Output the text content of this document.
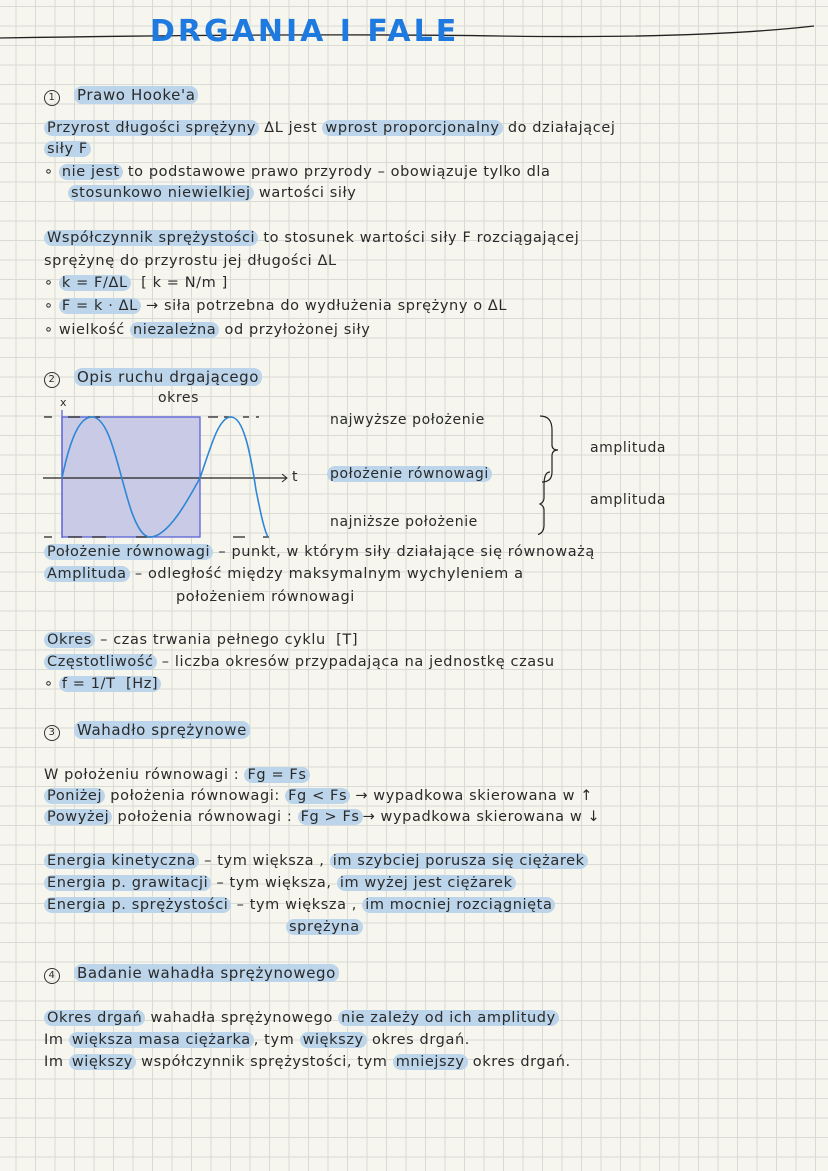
DRGANIA I FALE
1 Prawo Hooke'a
Przyrost długości sprężyny ΔL jest wprost proporcjonalny do działającej
siły F
∘ nie jest to podstawowe prawo przyrody – obowiązuje tylko dla
stosunkowo niewielkiej wartości siły
Współczynnik sprężystości to stosunek wartości siły F rozciągającej
sprężynę do przyrostu jej długości ΔL
∘ k = F/ΔL  [ k = N/m ]
∘ F = k · ΔL → siła potrzebna do wydłużenia sprężyny o ΔL
∘ wielkość niezależna od przyłożonej siły
2 Opis ruchu drgającego
Położenie równowagi – punkt, w którym siły działające się równoważą
Amplituda – odległość między maksymalnym wychyleniem a
położeniem równowagi
Okres – czas trwania pełnego cyklu  [T]
Częstotliwość – liczba okresów przypadająca na jednostkę czasu
∘ f = 1/T  [Hz]
3 Wahadło sprężynowe
W położeniu równowagi : Fg = Fs
Poniżej położenia równowagi: Fg < Fs → wypadkowa skierowana w ↑
Powyżej położenia równowagi : Fg > Fs → wypadkowa skierowana w ↓
Energia kinetyczna – tym większa , im szybciej porusza się ciężarek
Energia p. grawitacji – tym większa, im wyżej jest ciężarek
Energia p. sprężystości – tym większa , im mocniej rozciągnięta
sprężyna
4 Badanie wahadła sprężynowego
Okres drgań wahadła sprężynowego nie zależy od ich amplitudy
Im większa masa ciężarka , tym większy okres drgań.
Im większy współczynnik sprężystości, tym mniejszy okres drgań.
x
t
okres
najwyższe położenie
położenie równowagi
najniższe położenie
amplituda
amplituda
